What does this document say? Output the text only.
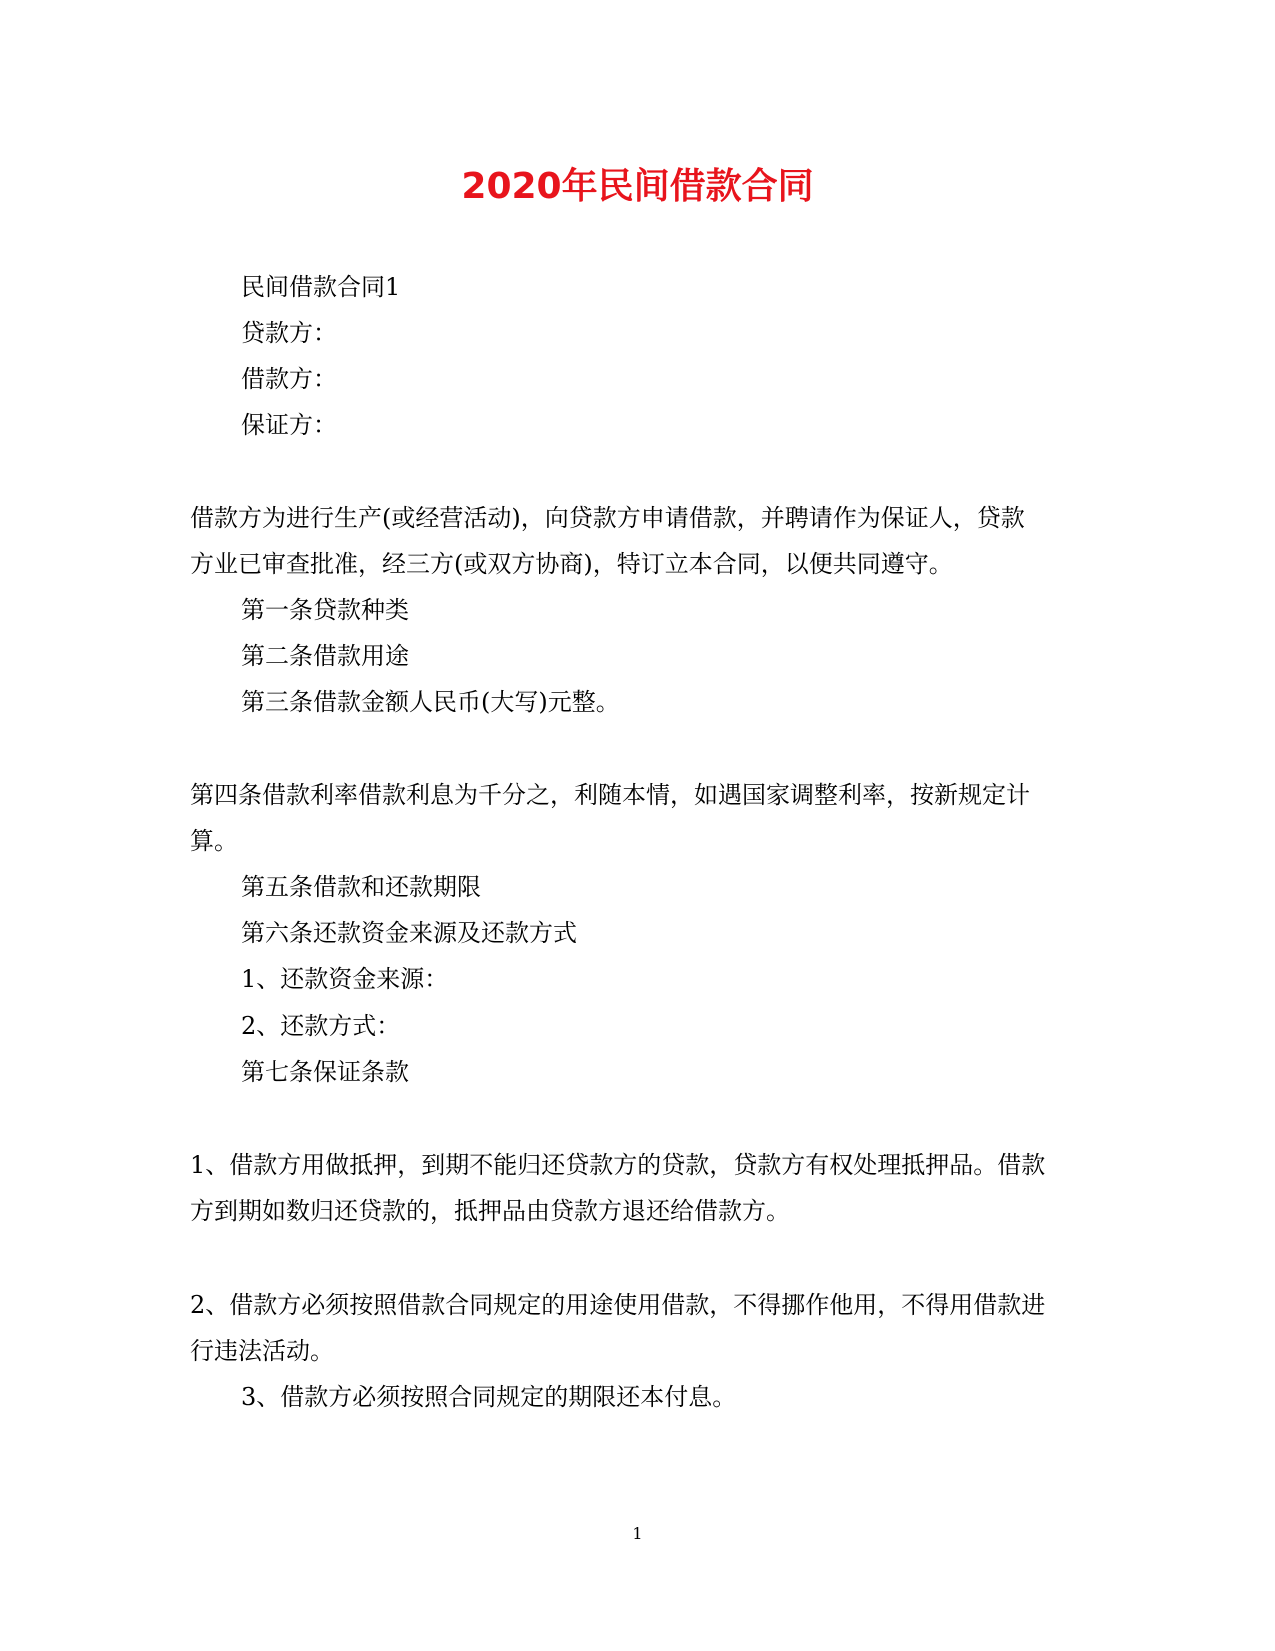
2020年民间借款合同
民间借款合同1
贷款方：
借款方：
保证方：
借款方为进行生产(或经营活动)，向贷款方申请借款，并聘请作为保证人，贷款
方业已审查批准，经三方(或双方协商)，特订立本合同，以便共同遵守。
第一条贷款种类
第二条借款用途
第三条借款金额人民币(大写)元整。
第四条借款利率借款利息为千分之，利随本情，如遇国家调整利率，按新规定计
算。
第五条借款和还款期限
第六条还款资金来源及还款方式
1、还款资金来源：
2、还款方式：
第七条保证条款
1、借款方用做抵押，到期不能归还贷款方的贷款，贷款方有权处理抵押品。借款
方到期如数归还贷款的，抵押品由贷款方退还给借款方。
2、借款方必须按照借款合同规定的用途使用借款，不得挪作他用，不得用借款进
行违法活动。
3、借款方必须按照合同规定的期限还本付息。
1
